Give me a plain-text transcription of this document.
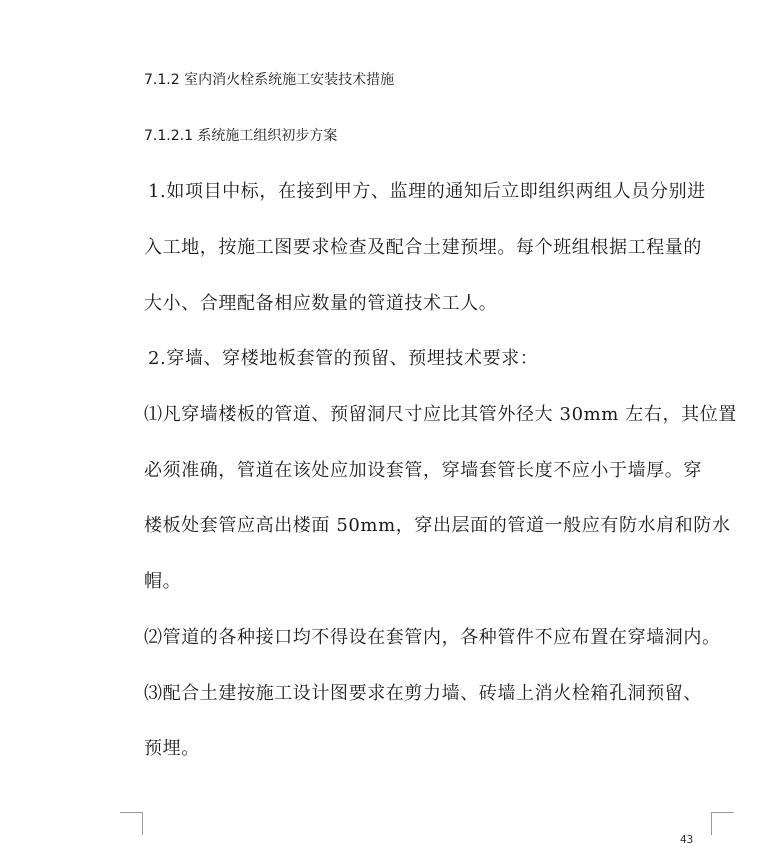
7.1.2 室内消火栓系统施工安装技术措施
7.1.2.1 系统施工组织初步方案
1.如项目中标，在接到甲方、监理的通知后立即组织两组人员分别进
入工地，按施工图要求检查及配合土建预埋。每个班组根据工程量的
大小、合理配备相应数量的管道技术工人。
2.穿墙、穿楼地板套管的预留、预埋技术要求：
⑴凡穿墙楼板的管道、预留洞尺寸应比其管外径大 30mm 左右，其位置
必须准确，管道在该处应加设套管，穿墙套管长度不应小于墙厚。穿
楼板处套管应高出楼面 50mm，穿出层面的管道一般应有防水肩和防水
帽。
⑵管道的各种接口均不得设在套管内，各种管件不应布置在穿墙洞内。
⑶配合土建按施工设计图要求在剪力墙、砖墙上消火栓箱孔洞预留、
预埋。
43
